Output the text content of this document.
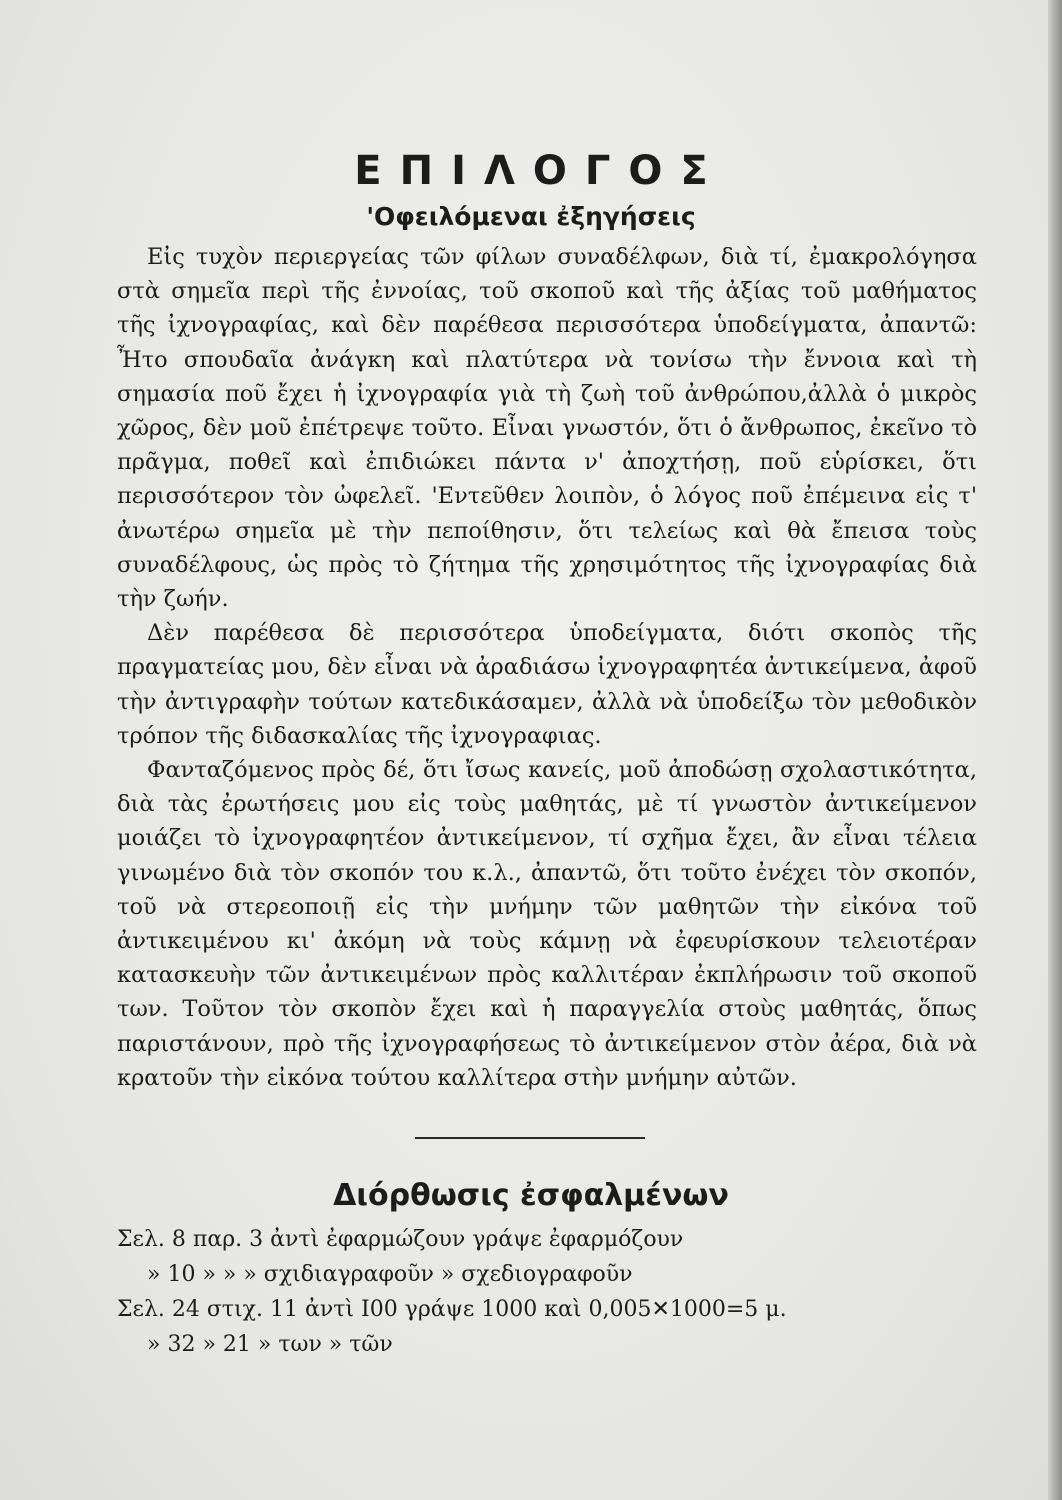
ΕΠΙΛΟΓΟΣ
'Οφειλόμεναι ἐξηγήσεις

Εἰς τυχὸν περιεργείας τῶν φίλων συναδέλφων, διὰ τί, ἐμακρολόγησα στὰ σημεῖα περὶ τῆς ἐννοίας, τοῦ σκοποῦ καὶ τῆς ἀξίας τοῦ μαθήματος τῆς ἰχνογραφίας, καὶ δὲν παρέθεσα περισσότερα ὑποδείγματα, ἀπαντῶ: Ἦτο σπουδαῖα ἀνάγκη καὶ πλατύτερα νὰ τονίσω τὴν ἔννοια καὶ τὴ σημασία ποῦ ἔχει ἡ ἰχνογραφία γιὰ τὴ ζωὴ τοῦ ἀνθρώπου,ἀλλὰ ὁ μικρὸς χῶρος, δὲν μοῦ ἐπέτρεψε τοῦτο. Εἶναι γνωστόν, ὅτι ὁ ἄνθρωπος, ἐκεῖνο τὸ πρᾶγμα, ποθεῖ καὶ ἐπιδιώκει πάντα ν' ἀποχτήσῃ, ποῦ εὑρίσκει, ὅτι περισσότερον τὸν ὠφελεῖ. 'Εντεῦθεν λοιπὸν, ὁ λόγος ποῦ ἐπέμεινα εἰς τ' ἀνωτέρω σημεῖα μὲ τὴν πεποίθησιν, ὅτι τελείως καὶ θὰ ἔπεισα τοὺς συναδέλφους, ὡς πρὸς τὸ ζήτημα τῆς χρησιμότητος τῆς ἰχνογραφίας διὰ τὴν ζωήν.

Δὲν παρέθεσα δὲ περισσότερα ὑποδείγματα, διότι σκοπὸς τῆς πραγματείας μου, δὲν εἶναι νὰ ἀραδιάσω ἰχνογραφητέα ἀντικείμενα, ἀφοῦ τὴν ἀντιγραφὴν τούτων κατεδικάσαμεν, ἀλλὰ νὰ ὑποδείξω τὸν μεθοδικὸν τρόπον τῆς διδασκαλίας τῆς ἰχνογραφιας.

Φανταζόμενος πρὸς δέ, ὅτι ἴσως κανείς, μοῦ ἀποδώσῃ σχολαστικότητα, διὰ τὰς ἐρωτήσεις μου εἰς τοὺς μαθητάς, μὲ τί γνωστὸν ἀντικείμενον μοιάζει τὸ ἰχνογραφητέον ἀντικείμενον, τί σχῆμα ἔχει, ἂν εἶναι τέλεια γινωμένο διὰ τὸν σκοπόν του κ.λ., ἀπαντῶ, ὅτι τοῦτο ἐνέχει τὸν σκοπόν, τοῦ νὰ στερεοποιῇ εἰς τὴν μνήμην τῶν μαθητῶν τὴν εἰκόνα τοῦ ἀντικειμένου κι' ἀκόμη νὰ τοὺς κάμνῃ νὰ ἐφευρίσκουν τελειοτέραν κατασκευὴν τῶν ἀντικειμένων πρὸς καλλιτέραν ἐκπλήρωσιν τοῦ σκοποῦ των. Τοῦτον τὸν σκοπὸν ἔχει καὶ ἡ παραγγελία στοὺς μαθητάς, ὅπως παριστάνουν, πρὸ τῆς ἰχνογραφήσεως τὸ ἀντικείμενον στὸν ἀέρα, διὰ νὰ κρατοῦν τὴν εἰκόνα τούτου καλλίτερα στὴν μνήμην αὐτῶν.

Διόρθωσις ἐσφαλμένων
Σελ. 8 παρ. 3 ἀντὶ ἐφαρμώζουν γράψε ἐφαρμόζουν
» 10 » » » σχιδιαγραφοῦν » σχεδιογραφοῦν
Σελ. 24 στιχ. 11 ἀντὶ Ι00 γράψε 1000 καὶ 0,005✕1000=5 μ.
» 32 » 21 » των » τῶν
